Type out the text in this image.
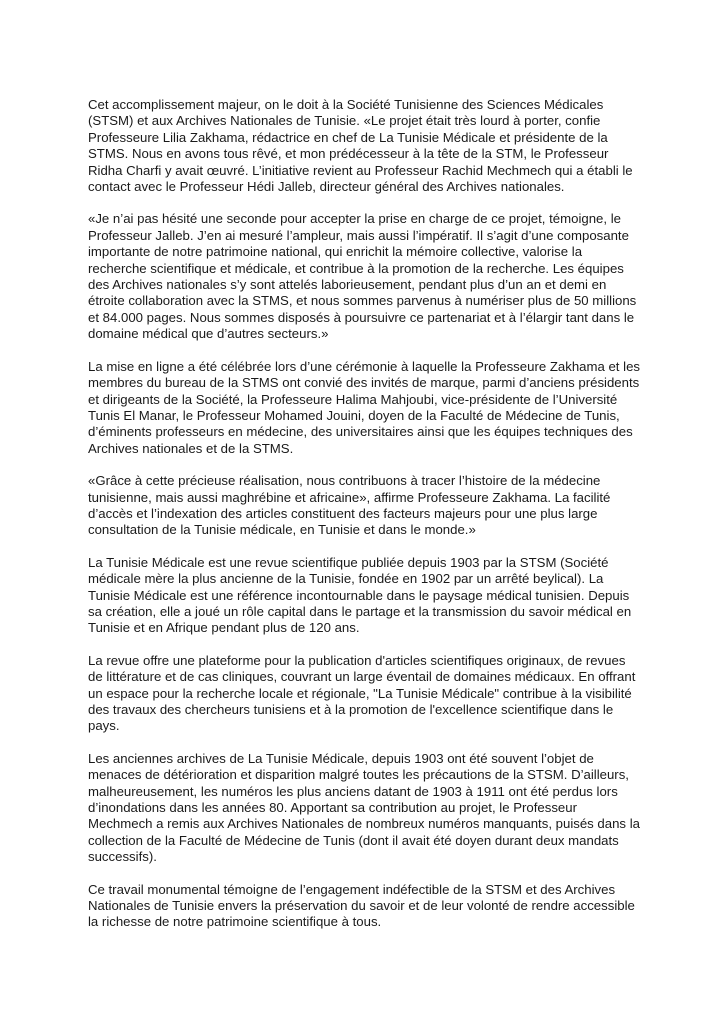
Cet accomplissement majeur, on le doit à la Société Tunisienne des Sciences Médicales (STSM) et aux Archives Nationales de Tunisie. «Le projet était très lourd à porter, confie Professeure Lilia Zakhama, rédactrice en chef de La Tunisie Médicale et présidente de la STMS. Nous en avons tous rêvé, et mon prédécesseur à la tête de la STM, le Professeur Ridha Charfi y avait œuvré. L’initiative revient au Professeur Rachid Mechmech qui a établi le contact avec le Professeur Hédi Jalleb, directeur général des Archives nationales.

«Je n’ai pas hésité une seconde pour accepter la prise en charge de ce projet, témoigne, le Professeur Jalleb. J’en ai mesuré l’ampleur, mais aussi l’impératif. Il s’agit d’une composante importante de notre patrimoine national, qui enrichit la mémoire collective, valorise la recherche scientifique et médicale, et contribue à la promotion de la recherche. Les équipes des Archives nationales s’y sont attelés laborieusement, pendant plus d’un an et demi en étroite collaboration avec la STMS, et nous sommes parvenus à numériser plus de 50 millions et 84.000 pages. Nous sommes disposés à poursuivre ce partenariat et à l’élargir tant dans le domaine médical que d’autres secteurs.»

La mise en ligne a été célébrée lors d’une cérémonie à laquelle la Professeure Zakhama et les membres du bureau de la STMS ont convié des invités de marque, parmi d’anciens présidents et dirigeants de la Société, la Professeure Halima Mahjoubi, vice-présidente de l’Université Tunis El Manar, le Professeur Mohamed Jouini, doyen de la Faculté de Médecine de Tunis, d’éminents professeurs en médecine, des universitaires ainsi que les équipes techniques des Archives nationales et de la STMS.

«Grâce à cette précieuse réalisation, nous contribuons à tracer l’histoire de la médecine tunisienne, mais aussi maghrébine et africaine», affirme Professeure Zakhama. La facilité d’accès et l’indexation des articles constituent des facteurs majeurs pour une plus large consultation de la Tunisie médicale, en Tunisie et dans le monde.»

La Tunisie Médicale est une revue scientifique publiée depuis 1903 par la STSM (Société médicale mère la plus ancienne de la Tunisie, fondée en 1902 par un arrêté beylical). La Tunisie Médicale est une référence incontournable dans le paysage médical tunisien. Depuis sa création, elle a joué un rôle capital dans le partage et la transmission du savoir médical en Tunisie et en Afrique pendant plus de 120 ans.

La revue offre une plateforme pour la publication d'articles scientifiques originaux, de revues de littérature et de cas cliniques, couvrant un large éventail de domaines médicaux. En offrant un espace pour la recherche locale et régionale, "La Tunisie Médicale" contribue à la visibilité des travaux des chercheurs tunisiens et à la promotion de l'excellence scientifique dans le pays.

Les anciennes archives de La Tunisie Médicale, depuis 1903 ont été souvent l’objet de menaces de détérioration et disparition malgré toutes les précautions de la STSM. D’ailleurs, malheureusement, les numéros les plus anciens datant de 1903 à 1911 ont été perdus lors d’inondations dans les années 80. Apportant sa contribution au projet, le Professeur Mechmech a remis aux Archives Nationales de nombreux numéros manquants, puisés dans la collection de la Faculté de Médecine de Tunis (dont il avait été doyen durant deux mandats successifs).

Ce travail monumental témoigne de l’engagement indéfectible de la STSM et des Archives Nationales de Tunisie envers la préservation du savoir et de leur volonté de rendre accessible la richesse de notre patrimoine scientifique à tous.
